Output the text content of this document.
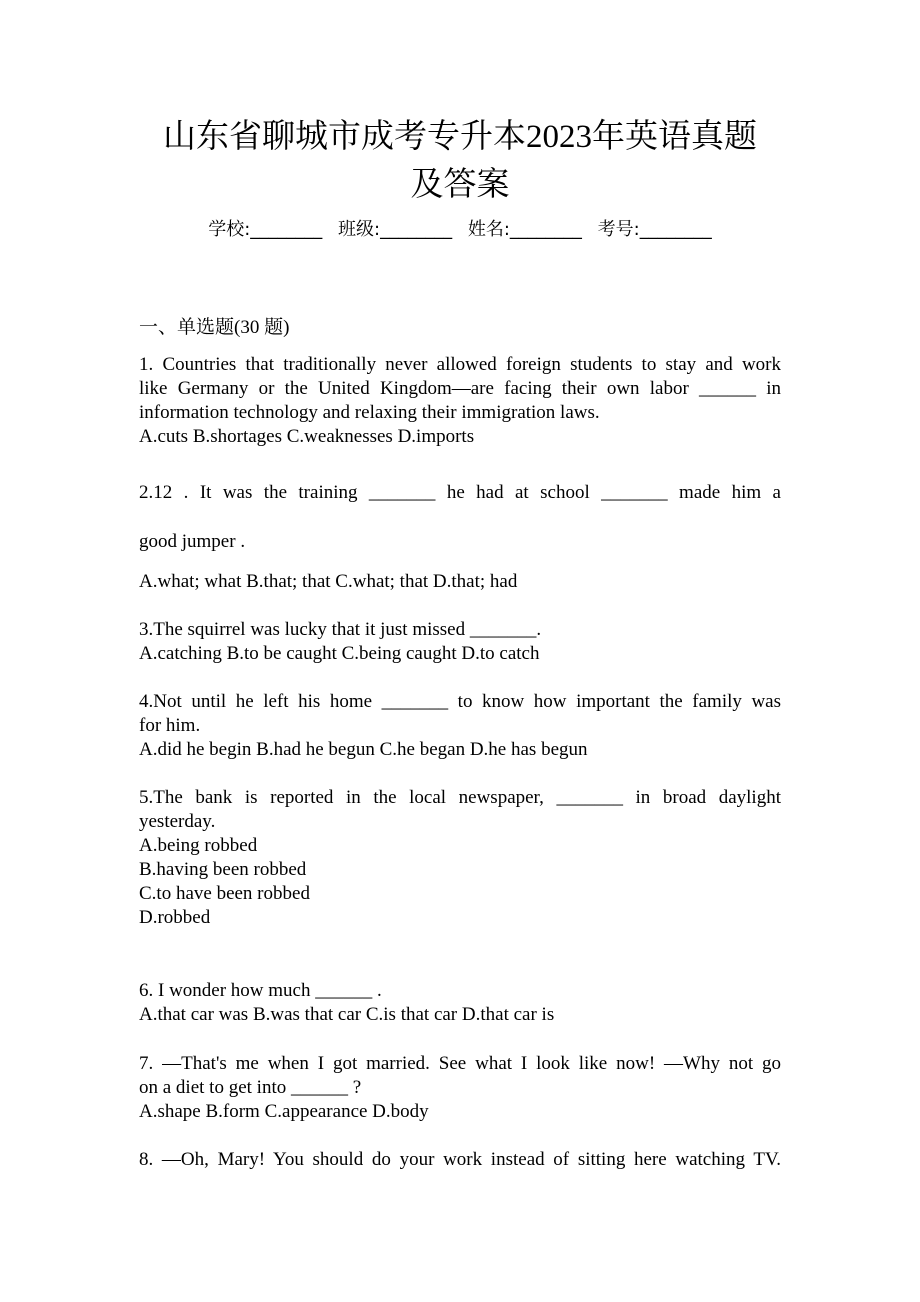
山东省聊城市成考专升本2023年英语真题
及答案
学校:________ 班级:________ 姓名:________ 考号:________
一、单选题(30 题)
1. Countries that traditionally never allowed foreign students to stay and work
like Germany or the United Kingdom—are facing their own labor ______ in
information technology and relaxing their immigration laws.
A.cuts B.shortages C.weaknesses D.imports
2.12 . It was the training _______ he had at school _______ made him a
good jumper .
A.what; what B.that; that C.what; that D.that; had
3.The squirrel was lucky that it just missed _______.
A.catching B.to be caught C.being caught D.to catch
4.Not until he left his home _______ to know how important the family was
for him.
A.did he begin B.had he begun C.he began D.he has begun
5.The bank is reported in the local newspaper, _______ in broad daylight
yesterday.
A.being robbed
B.having been robbed
C.to have been robbed
D.robbed
6. I wonder how much ______ .
A.that car was B.was that car C.is that car D.that car is
7. —That's me when I got married. See what I look like now! —Why not go
on a diet to get into ______ ?
A.shape B.form C.appearance D.body
8. —Oh, Mary! You should do your work instead of sitting here watching TV.
